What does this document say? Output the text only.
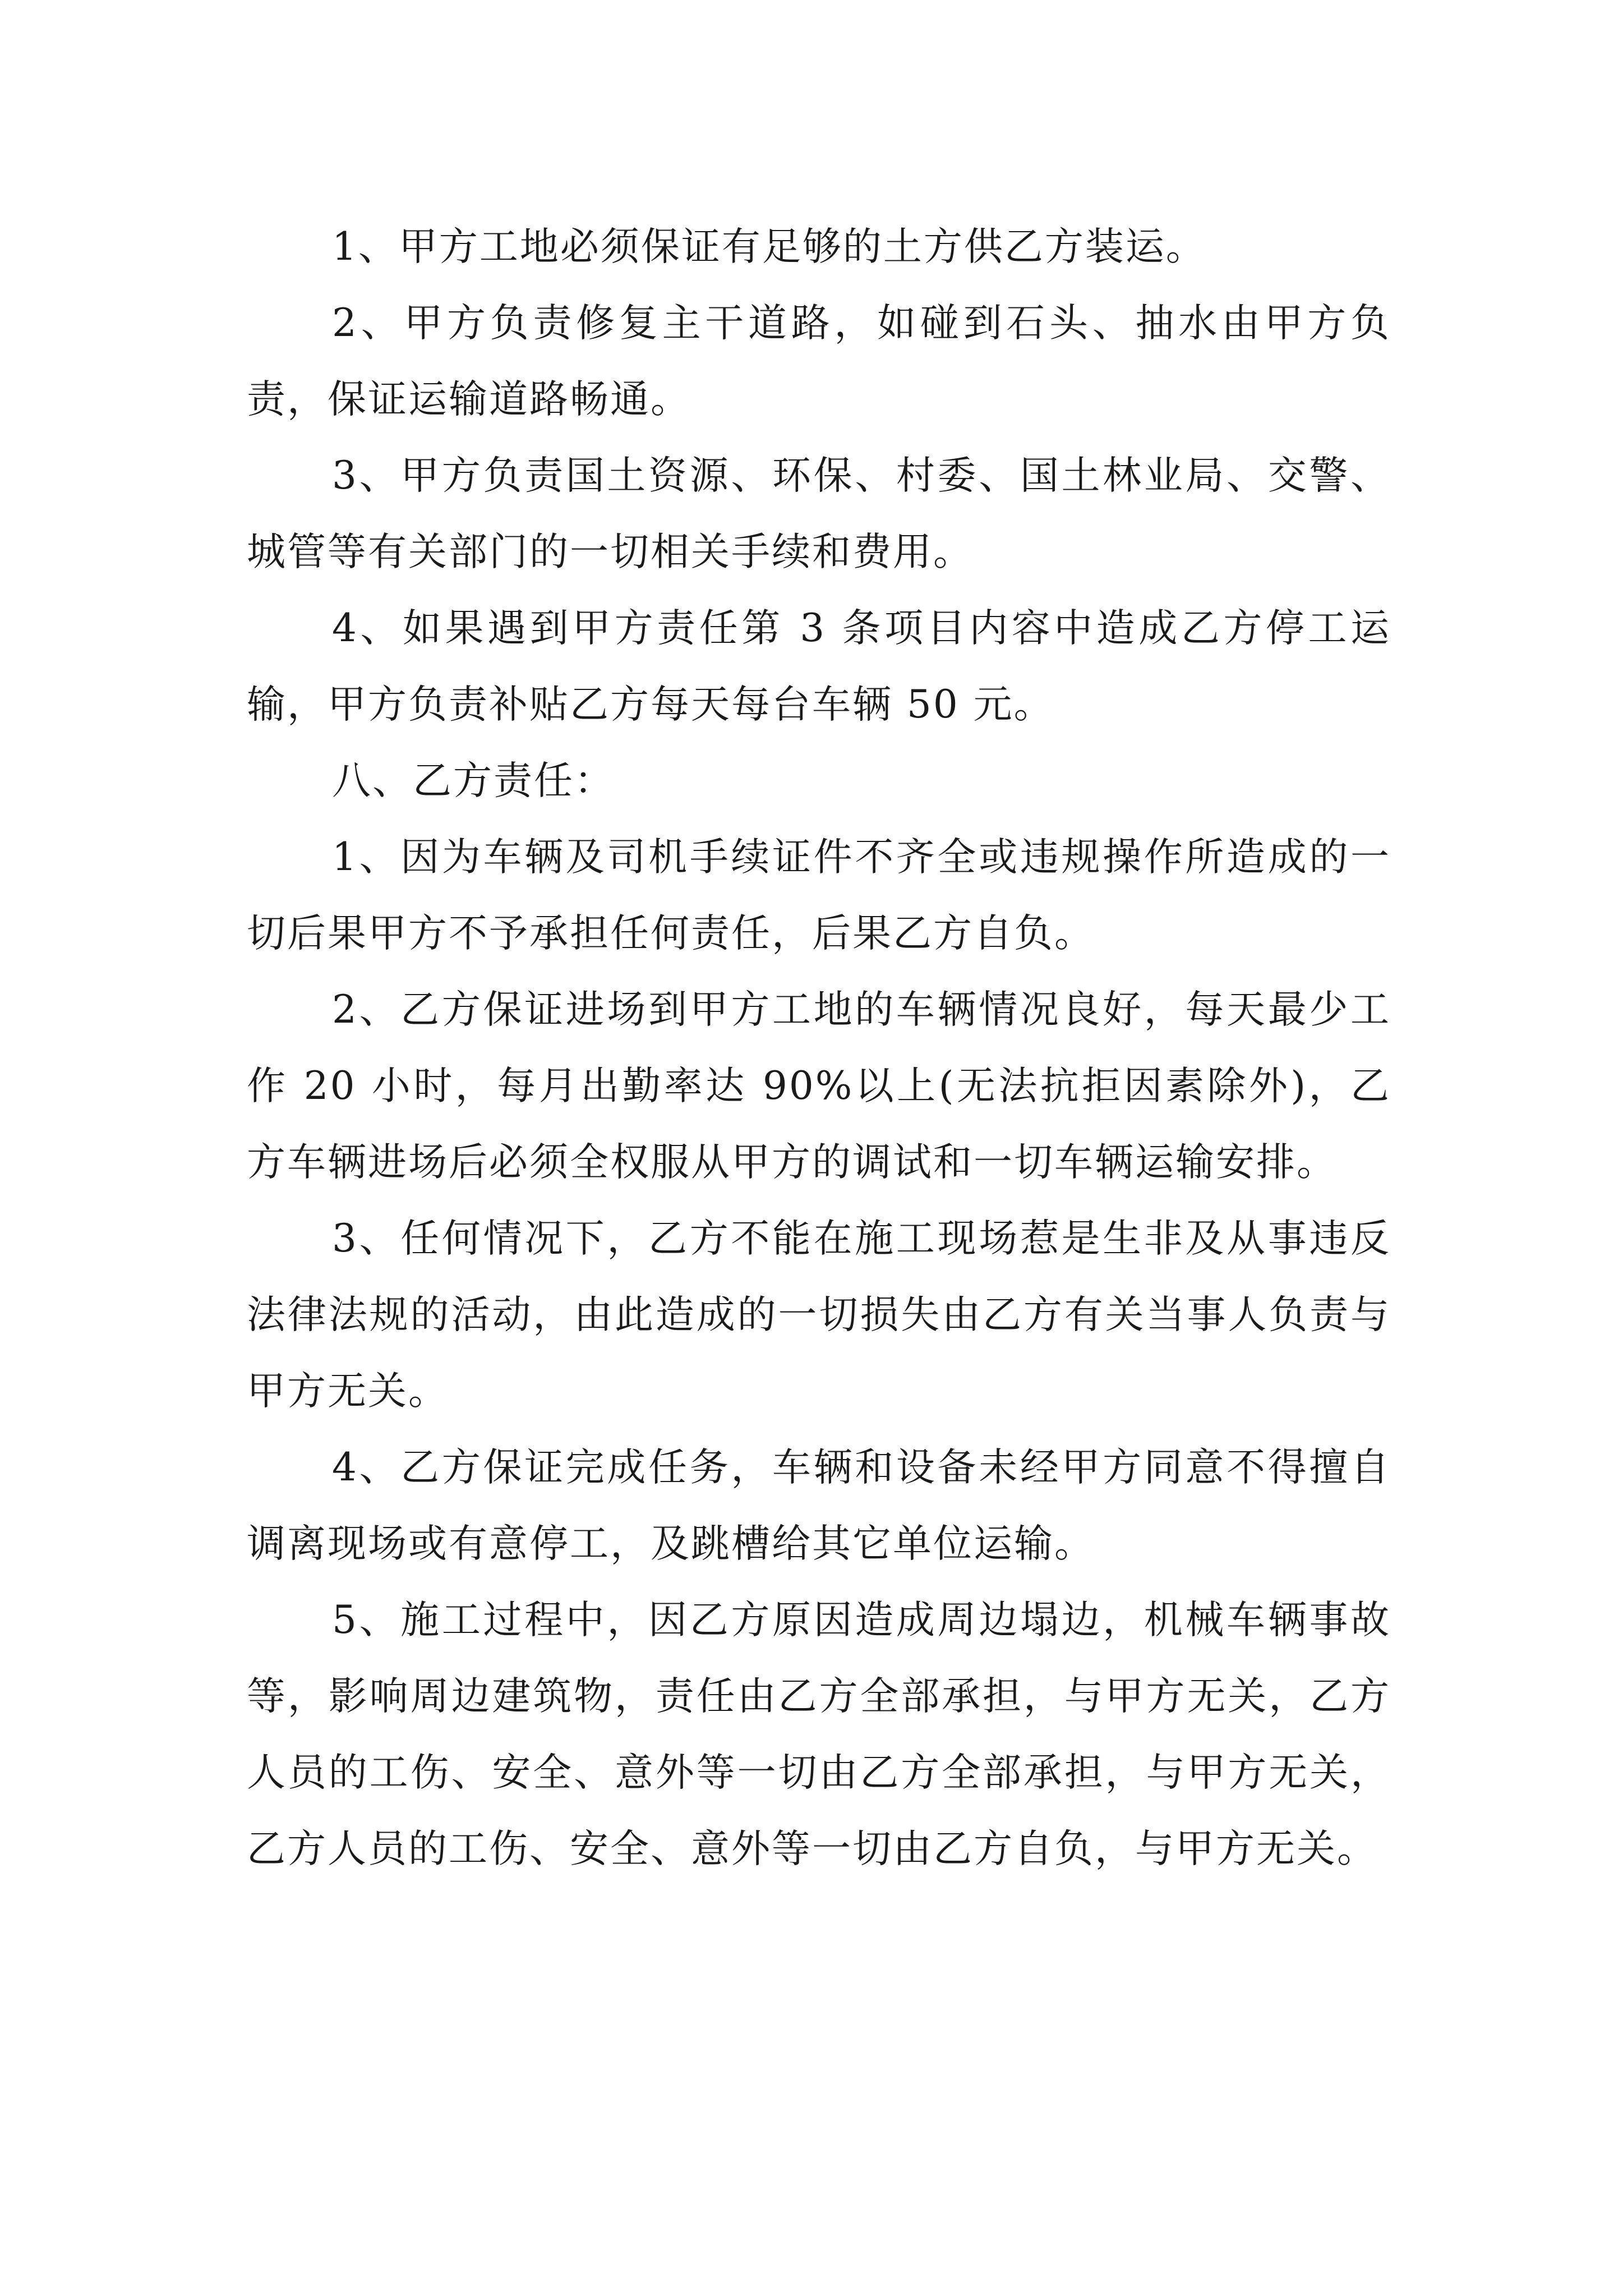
1、甲方工地必须保证有足够的土方供乙方装运。

2、甲方负责修复主干道路，如碰到石头、抽水由甲方负责，保证运输道路畅通。

3、甲方负责国土资源、环保、村委、国土林业局、交警、城管等有关部门的一切相关手续和费用。

4、如果遇到甲方责任第 3 条项目内容中造成乙方停工运输，甲方负责补贴乙方每天每台车辆 50 元。

八、乙方责任：

1、因为车辆及司机手续证件不齐全或违规操作所造成的一切后果甲方不予承担任何责任，后果乙方自负。

2、乙方保证进场到甲方工地的车辆情况良好，每天最少工作 20 小时，每月出勤率达 90%以上(无法抗拒因素除外)，乙方车辆进场后必须全权服从甲方的调试和一切车辆运输安排。

3、任何情况下，乙方不能在施工现场惹是生非及从事违反法律法规的活动，由此造成的一切损失由乙方有关当事人负责与甲方无关。

4、乙方保证完成任务，车辆和设备未经甲方同意不得擅自调离现场或有意停工，及跳槽给其它单位运输。

5、施工过程中，因乙方原因造成周边塌边，机械车辆事故等，影响周边建筑物，责任由乙方全部承担，与甲方无关，乙方人员的工伤、安全、意外等一切由乙方全部承担，与甲方无关，乙方人员的工伤、安全、意外等一切由乙方自负，与甲方无关。
